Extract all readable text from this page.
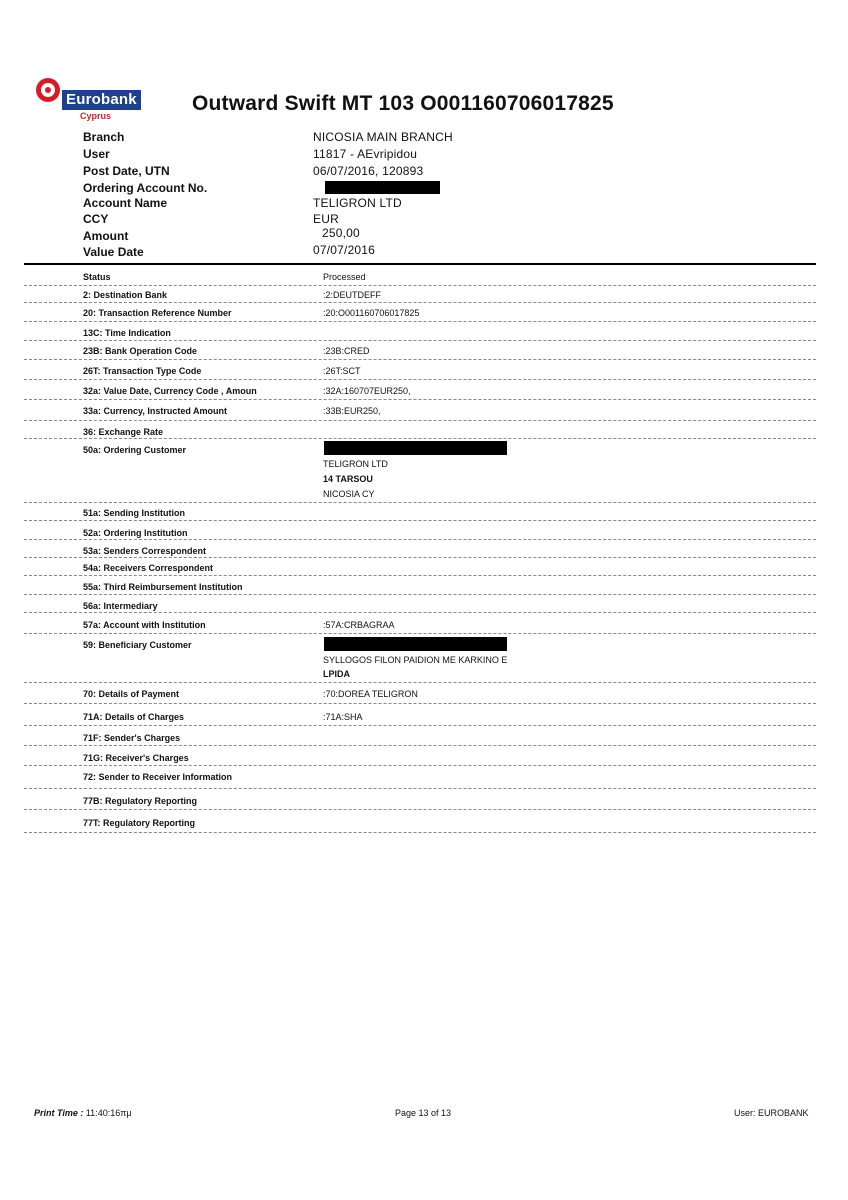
Eurobank
Cyprus
Outward Swift MT 103 O001160706017825
Branch	NICOSIA MAIN BRANCH
User	11817 - AEvripidou
Post Date, UTN	06/07/2016, 120893
Ordering Account No.
Account Name	TELIGRON LTD
CCY	EUR
Amount	250,00
Value Date	07/07/2016
Status	Processed
2: Destination Bank	:2:DEUTDEFF
20: Transaction Reference Number	:20:O001160706017825
13C: Time Indication
23B: Bank Operation Code	:23B:CRED
26T: Transaction Type Code	:26T:SCT
32a: Value Date, Currency Code , Amoun	:32A:160707EUR250,
33a: Currency, Instructed Amount	:33B:EUR250,
36: Exchange Rate
50a: Ordering Customer
TELIGRON LTD
14 TARSOU
NICOSIA CY
51a: Sending Institution
52a: Ordering Institution
53a: Senders Correspondent
54a: Receivers Correspondent
55a: Third Reimbursement Institution
56a: Intermediary
57a: Account with Institution	:57A:CRBAGRAA
59: Beneficiary Customer
SYLLOGOS FILON PAIDION ME KARKINO E
LPIDA
70: Details of Payment	:70:DOREA TELIGRON
71A: Details of Charges	:71A:SHA
71F: Sender's Charges
71G: Receiver's Charges
72: Sender to Receiver Information
77B: Regulatory Reporting
77T: Regulatory Reporting
Print Time : 11:40:16πμ	Page 13 of 13	User: EUROBANK
